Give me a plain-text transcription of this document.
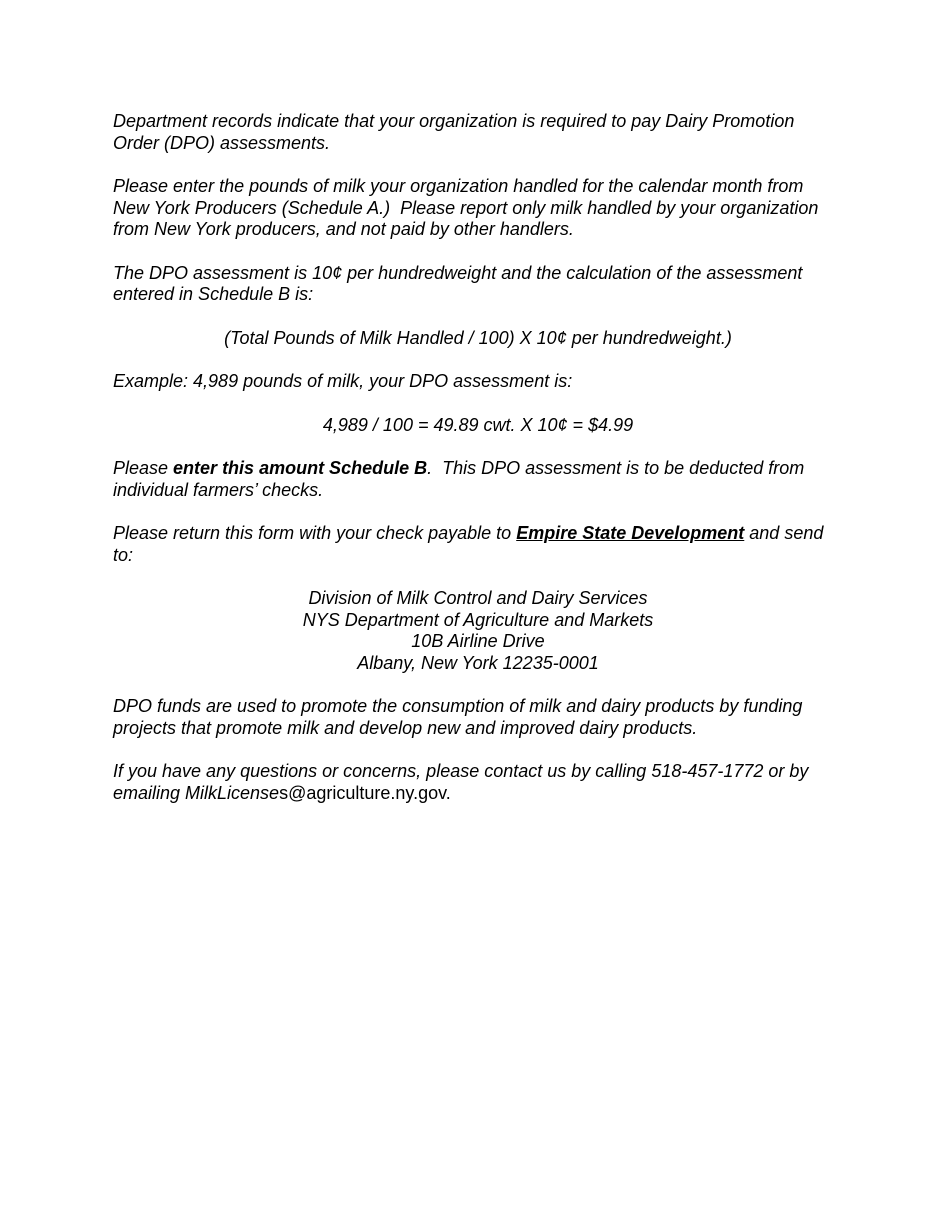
Department records indicate that your organization is required to pay Dairy Promotion Order (DPO) assessments.

Please enter the pounds of milk your organization handled for the calendar month from New York Producers (Schedule A.)  Please report only milk handled by your organization from New York producers, and not paid by other handlers.

The DPO assessment is 10¢ per hundredweight and the calculation of the assessment entered in Schedule B is:

(Total Pounds of Milk Handled / 100) X 10¢ per hundredweight.)

Example: 4,989 pounds of milk, your DPO assessment is:

4,989 / 100 = 49.89 cwt. X 10¢ = $4.99

Please enter this amount Schedule B.  This DPO assessment is to be deducted from individual farmers’ checks.

Please return this form with your check payable to Empire State Development and send to:

Division of Milk Control and Dairy Services
NYS Department of Agriculture and Markets
10B Airline Drive
Albany, New York 12235-0001

DPO funds are used to promote the consumption of milk and dairy products by funding projects that promote milk and develop new and improved dairy products.

If you have any questions or concerns, please contact us by calling 518-457-1772 or by emailing MilkLicenses@agriculture.ny.gov.
